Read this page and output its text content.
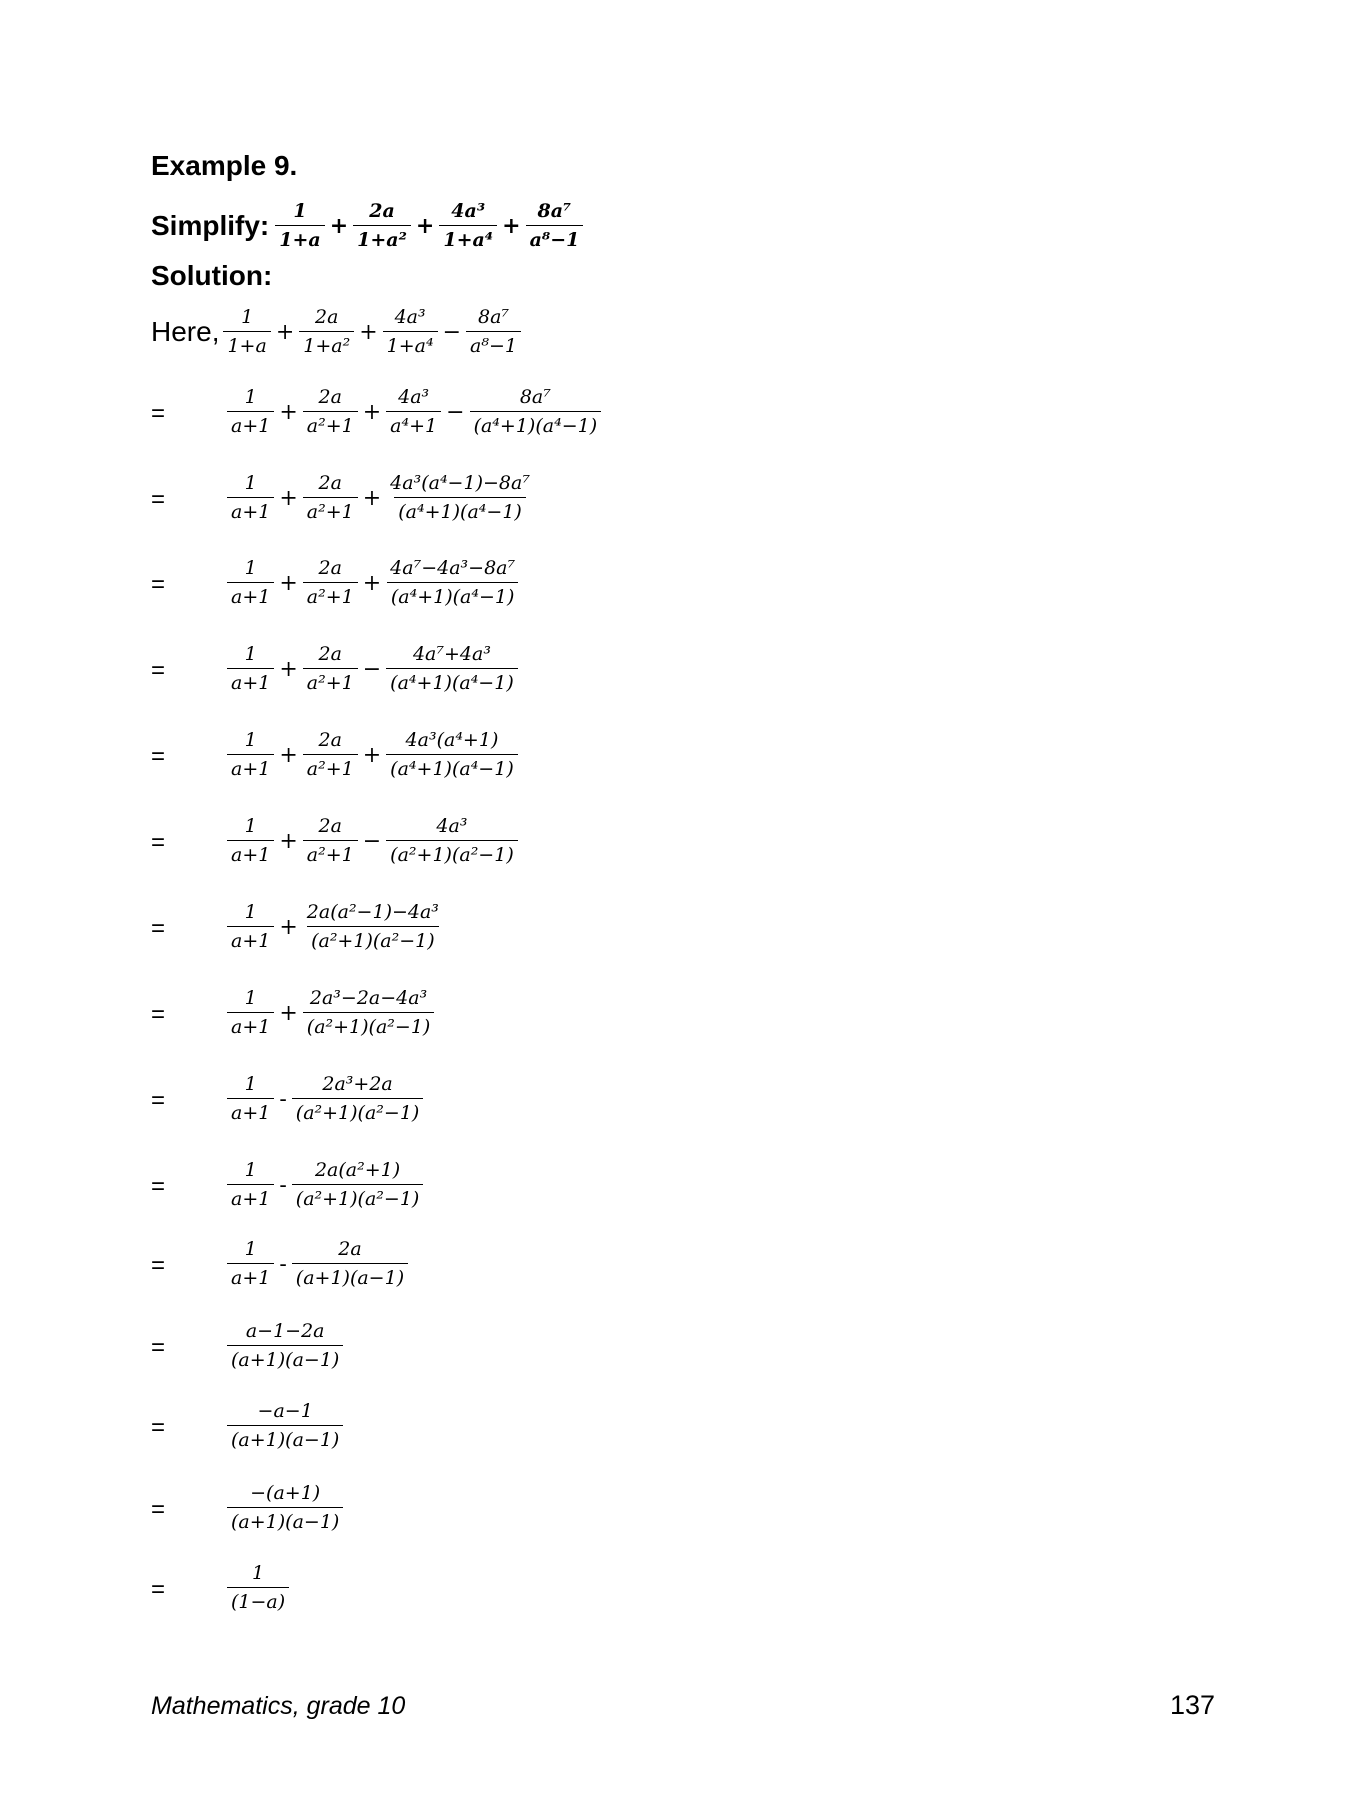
Example 9.
Simplify: $\frac{1}{1+a} + \frac{2a}{\text{1+a²}} + \frac{\text{4a³}}{\text{1+a⁴}} + \frac{\text{8a⁷}}{\text{a⁸−1}}$
Solution:
Here, $\frac{1}{1+a} + \frac{2a}{\text{1+a²}} + \frac{\text{4a³}}{\text{1+a⁴}} - \frac{\text{8a⁷}}{\text{a⁸−1}}$
=	$\frac{1}{a+1} + \frac{2a}{\text{a²+1}} + \frac{\text{4a³}}{\text{a⁴+1}} - \frac{\text{8a⁷}}{\text{(a⁴+1)(a⁴−1)}}$
=	$\frac{1}{a+1} + \frac{2a}{\text{a²+1}} + \frac{\text{4a³(a⁴−1)−8a⁷}}{\text{(a⁴+1)(a⁴−1)}}$
=	$\frac{1}{a+1} + \frac{2a}{\text{a²+1}} + \frac{\text{4a⁷−4a³−8a⁷}}{\text{(a⁴+1)(a⁴−1)}}$
=	$\frac{1}{a+1} + \frac{2a}{\text{a²+1}} - \frac{\text{4a⁷+4a³}}{\text{(a⁴+1)(a⁴−1)}}$
=	$\frac{1}{a+1} + \frac{2a}{\text{a²+1}} + \frac{\text{4a³(a⁴+1)}}{\text{(a⁴+1)(a⁴−1)}}$
=	$\frac{1}{a+1} + \frac{2a}{\text{a²+1}} - \frac{\text{4a³}}{\text{(a²+1)(a²−1)}}$
=	$\frac{1}{a+1} + \frac{\text{2a(a²−1)−4a³}}{\text{(a²+1)(a²−1)}}$
=	$\frac{1}{a+1} + \frac{\text{2a³−2a−4a³}}{\text{(a²+1)(a²−1)}}$
=	$\frac{1}{a+1} - \frac{\text{2a³+2a}}{\text{(a²+1)(a²−1)}}$
=	$\frac{1}{a+1} - \frac{\text{2a(a²+1)}}{\text{(a²+1)(a²−1)}}$
=	$\frac{1}{a+1} - \frac{2a}{(a+1)(a-1)}$
=	$\frac{a-1-2a}{(a+1)(a-1)}$
=	$\frac{-a-1}{(a+1)(a-1)}$
=	$\frac{-(a+1)}{(a+1)(a-1)}$
=	$\frac{1}{(1-a)}$
Mathematics, grade 10	137
